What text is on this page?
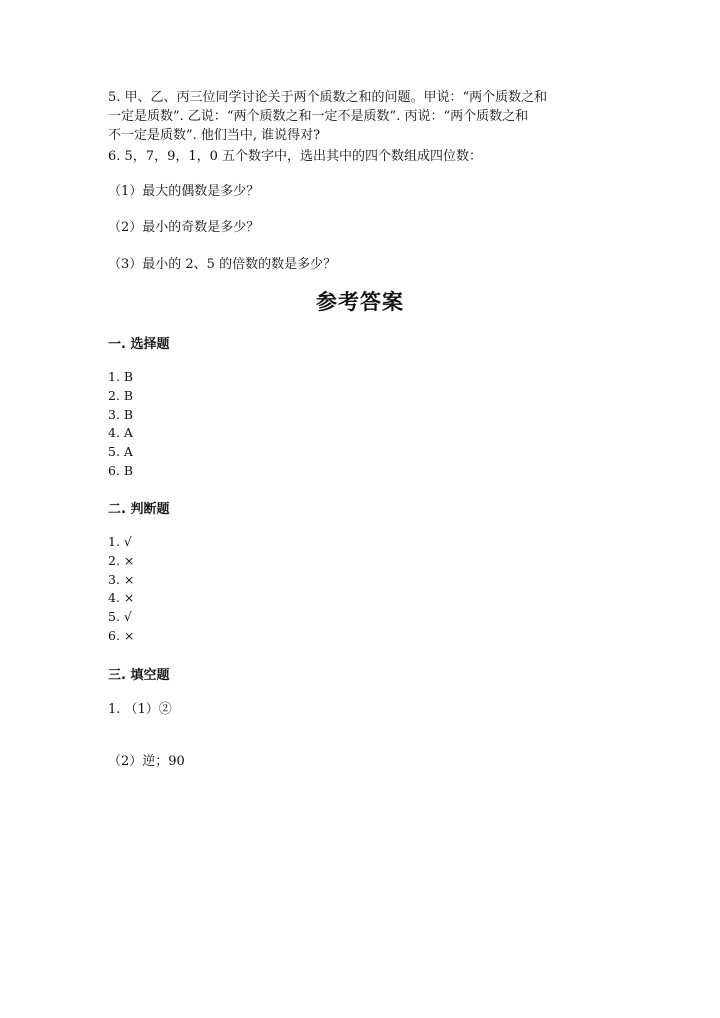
5. 甲、乙、丙三位同学讨论关于两个质数之和的问题。甲说：“两个质数之和

一定是质数”. 乙说：“两个质数之和一定不是质数”. 丙说：“两个质数之和

不一定是质数”. 他们当中, 谁说得对?

6. 5，7，9，1，0 五个数字中，选出其中的四个数组成四位数：
（1）最大的偶数是多少？
（2）最小的奇数是多少？
（3）最小的 2、5 的倍数的数是多少？
参考答案
一. 选择题
1. B
2. B
3. B
4. A
5. A
6. B
二. 判断题
1. √
2. ×
3. ×
4. ×
5. √
6. ×
三. 填空题
1. （1）②
（2）逆；90
